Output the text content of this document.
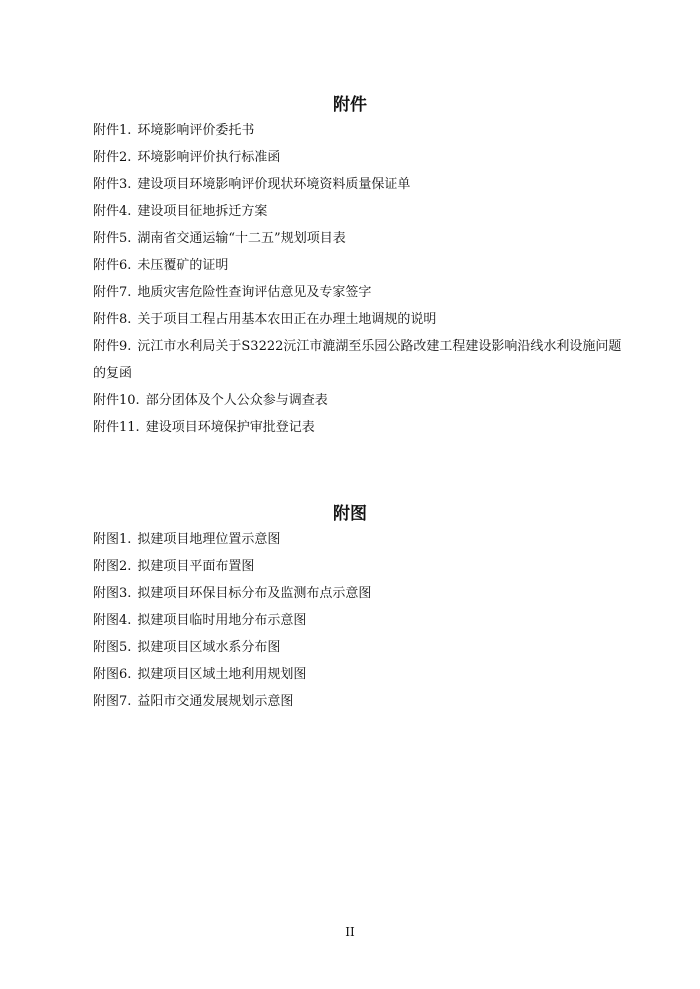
附件
附件1. 环境影响评价委托书
附件2. 环境影响评价执行标准函
附件3. 建设项目环境影响评价现状环境资料质量保证单
附件4. 建设项目征地拆迁方案
附件5. 湖南省交通运输“十二五”规划项目表
附件6. 未压覆矿的证明
附件7. 地质灾害危险性查询评估意见及专家签字
附件8. 关于项目工程占用基本农田正在办理土地调规的说明
附件9. 沅江市水利局关于S3222沅江市漉湖至乐园公路改建工程建设影响沿线水利设施问题的复函
附件10. 部分团体及个人公众参与调查表
附件11. 建设项目环境保护审批登记表
附图
附图1. 拟建项目地理位置示意图
附图2. 拟建项目平面布置图
附图3. 拟建项目环保目标分布及监测布点示意图
附图4. 拟建项目临时用地分布示意图
附图5. 拟建项目区域水系分布图
附图6. 拟建项目区域土地利用规划图
附图7. 益阳市交通发展规划示意图
II
